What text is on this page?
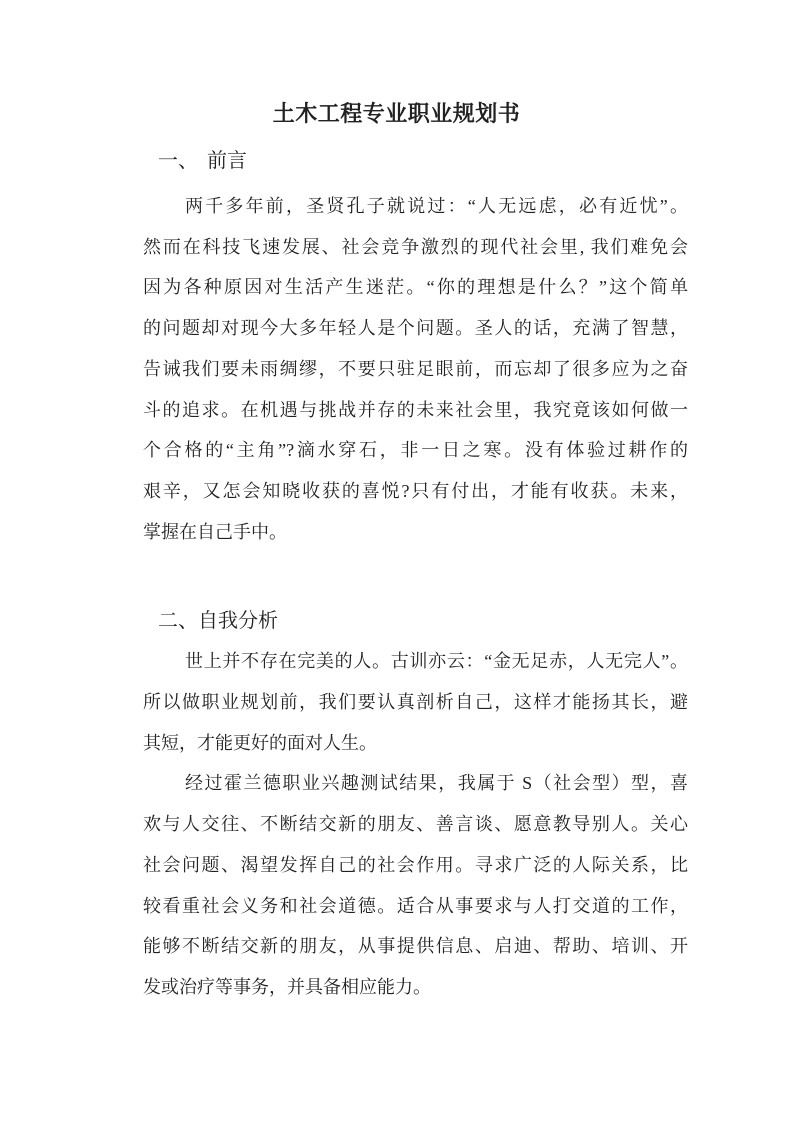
土木工程专业职业规划书
一、 前言
两千多年前，圣贤孔子就说过：“人无远虑，必有近忧”。
然而在科技飞速发展、社会竞争激烈的现代社会里, 我们难免会
因为各种原因对生活产生迷茫。“你的理想是什么？”这个简单
的问题却对现今大多年轻人是个问题。圣人的话，充满了智慧，
告诫我们要未雨绸缪，不要只驻足眼前，而忘却了很多应为之奋
斗的追求。在机遇与挑战并存的未来社会里，我究竟该如何做一
个合格的“主角”?滴水穿石，非一日之寒。没有体验过耕作的
艰辛，又怎会知晓收获的喜悦?只有付出，才能有收获。未来，
掌握在自己手中。
二、自我分析
世上并不存在完美的人。古训亦云：“金无足赤，人无完人”。
所以做职业规划前，我们要认真剖析自己，这样才能扬其长，避
其短，才能更好的面对人生。
经过霍兰德职业兴趣测试结果，我属于 S（社会型）型，喜
欢与人交往、不断结交新的朋友、善言谈、愿意教导别人。关心
社会问题、渴望发挥自己的社会作用。寻求广泛的人际关系，比
较看重社会义务和社会道德。适合从事要求与人打交道的工作，
能够不断结交新的朋友，从事提供信息、启迪、帮助、培训、开
发或治疗等事务，并具备相应能力。
